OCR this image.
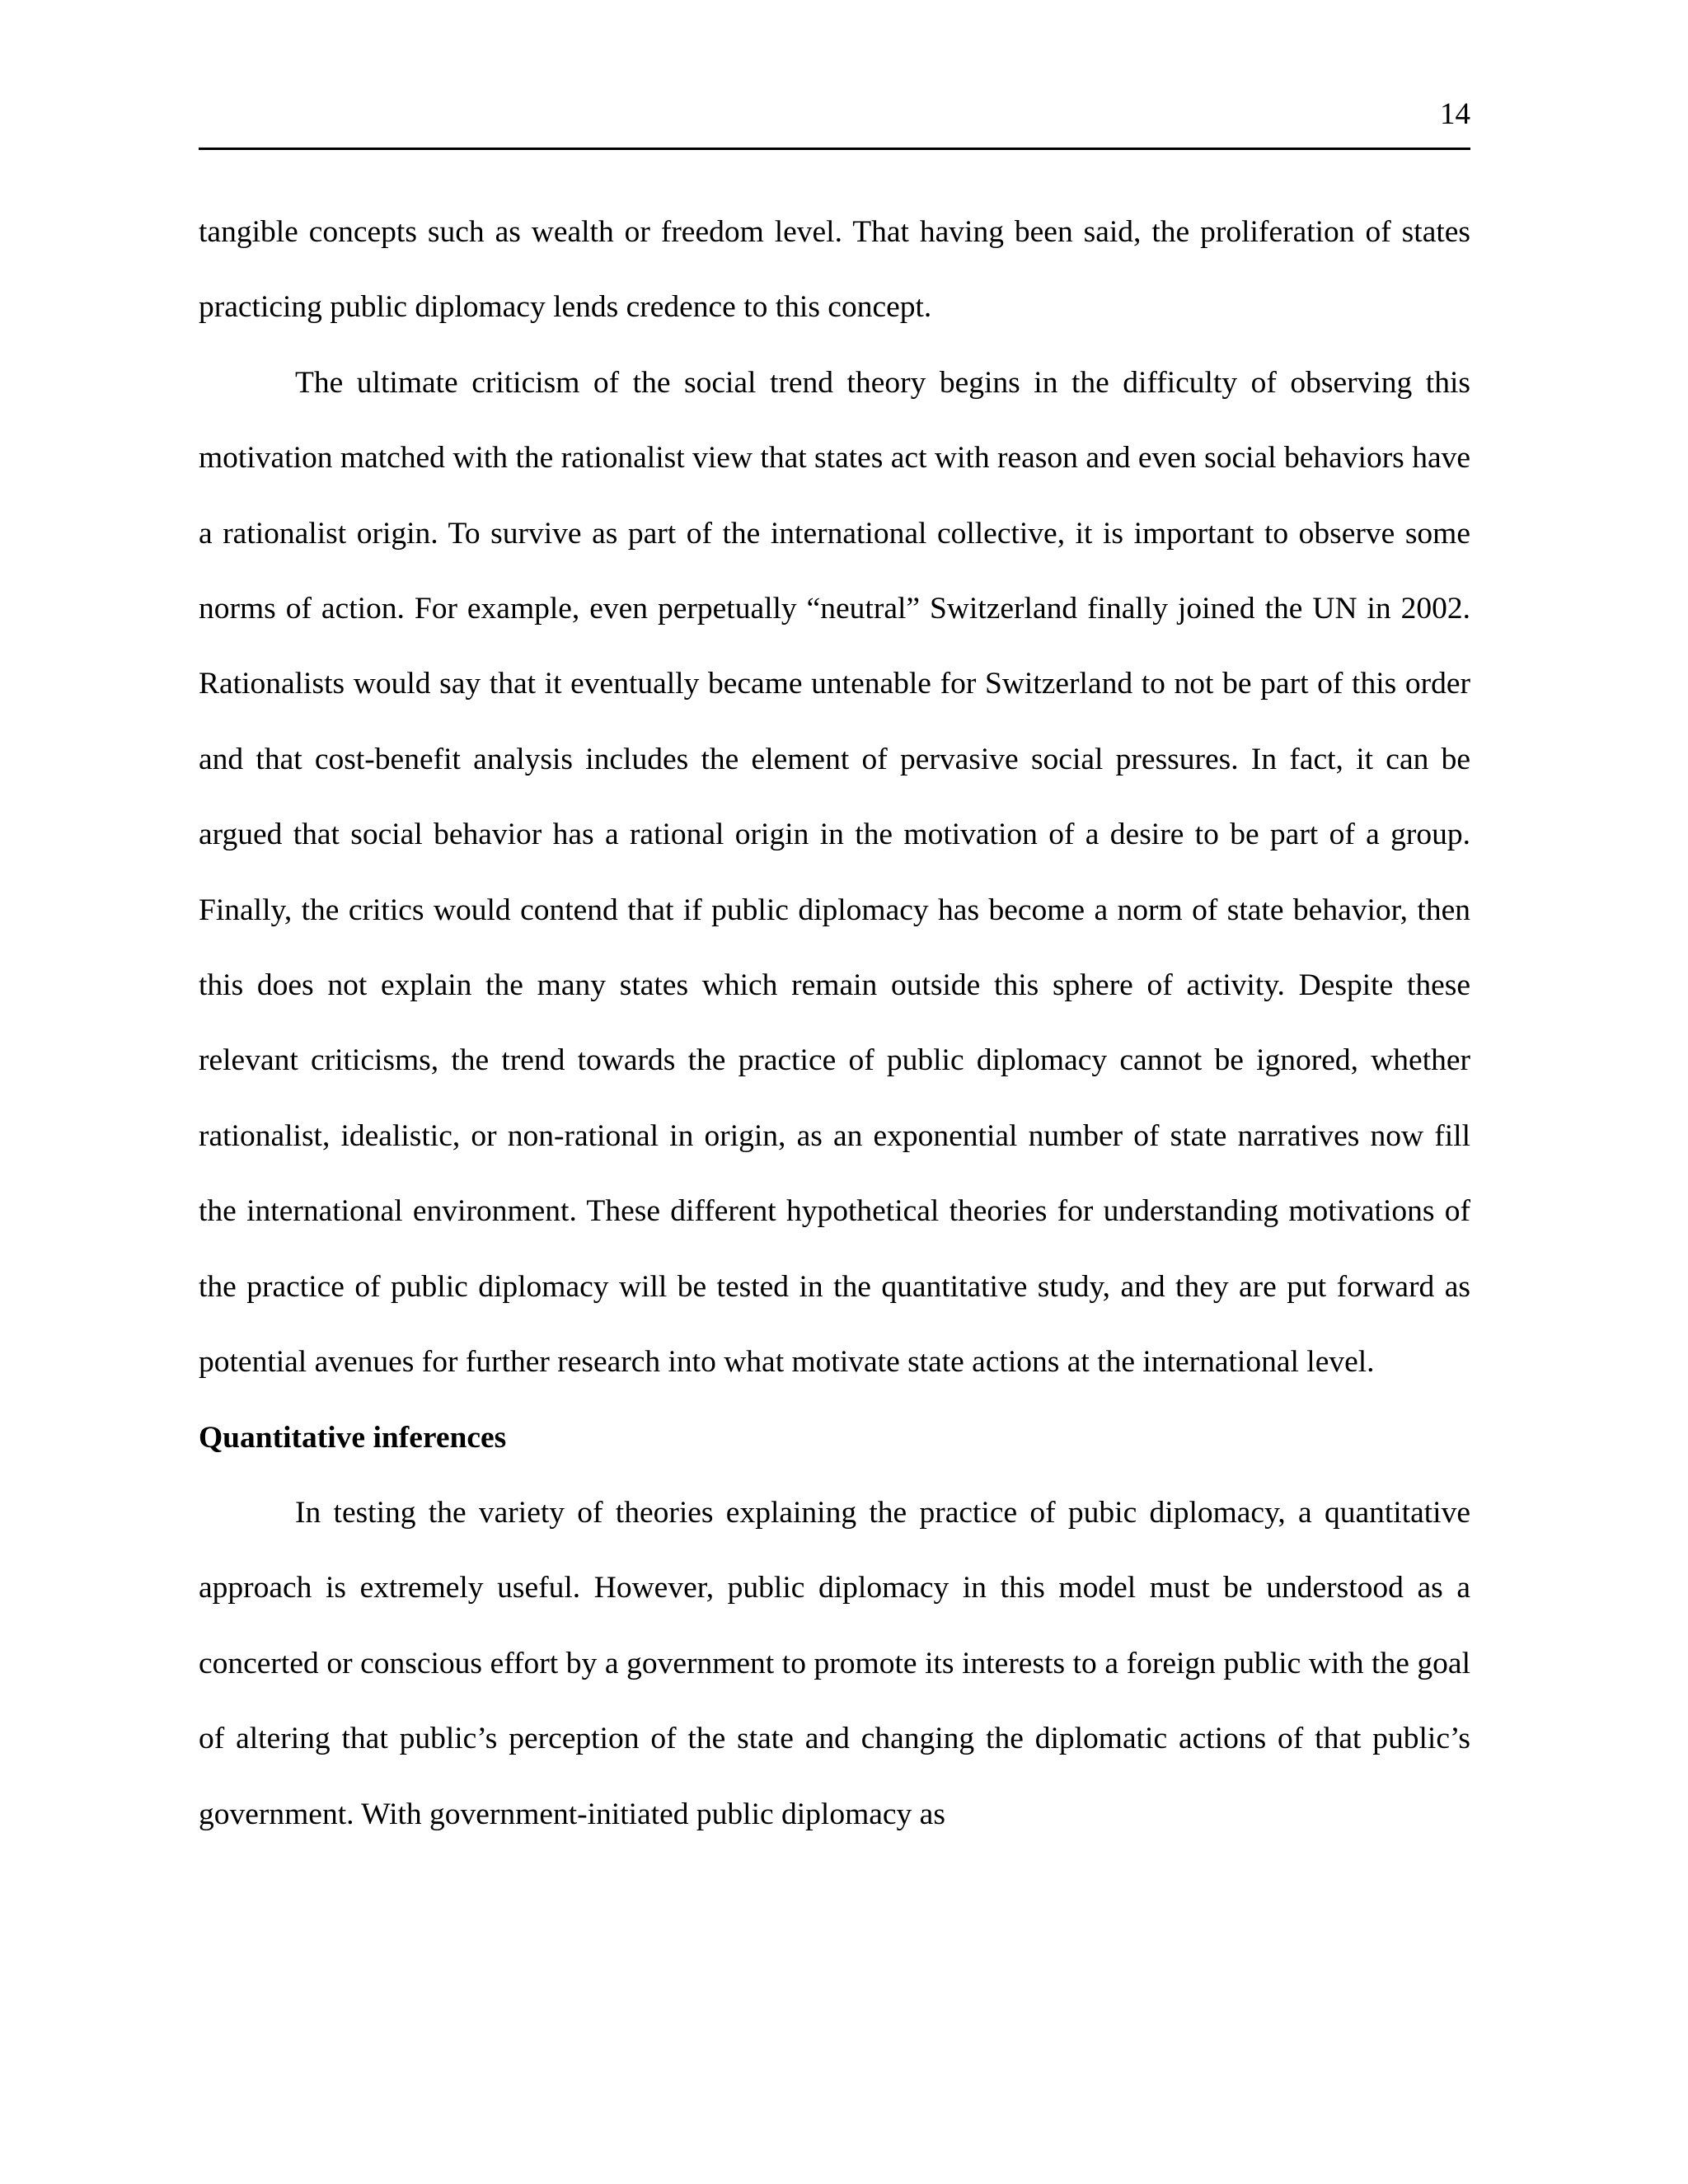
14

tangible concepts such as wealth or freedom level. That having been said, the proliferation of states practicing public diplomacy lends credence to this concept.

The ultimate criticism of the social trend theory begins in the difficulty of observing this motivation matched with the rationalist view that states act with reason and even social behaviors have a rationalist origin. To survive as part of the international collective, it is important to observe some norms of action. For example, even perpetually “neutral” Switzerland finally joined the UN in 2002. Rationalists would say that it eventually became untenable for Switzerland to not be part of this order and that cost-benefit analysis includes the element of pervasive social pressures. In fact, it can be argued that social behavior has a rational origin in the motivation of a desire to be part of a group. Finally, the critics would contend that if public diplomacy has become a norm of state behavior, then this does not explain the many states which remain outside this sphere of activity. Despite these relevant criticisms, the trend towards the practice of public diplomacy cannot be ignored, whether rationalist, idealistic, or non-rational in origin, as an exponential number of state narratives now fill the international environment. These different hypothetical theories for understanding motivations of the practice of public diplomacy will be tested in the quantitative study, and they are put forward as potential avenues for further research into what motivate state actions at the international level.

Quantitative inferences

In testing the variety of theories explaining the practice of pubic diplomacy, a quantitative approach is extremely useful. However, public diplomacy in this model must be understood as a concerted or conscious effort by a government to promote its interests to a foreign public with the goal of altering that public’s perception of the state and changing the diplomatic actions of that public’s government. With government-initiated public diplomacy as
